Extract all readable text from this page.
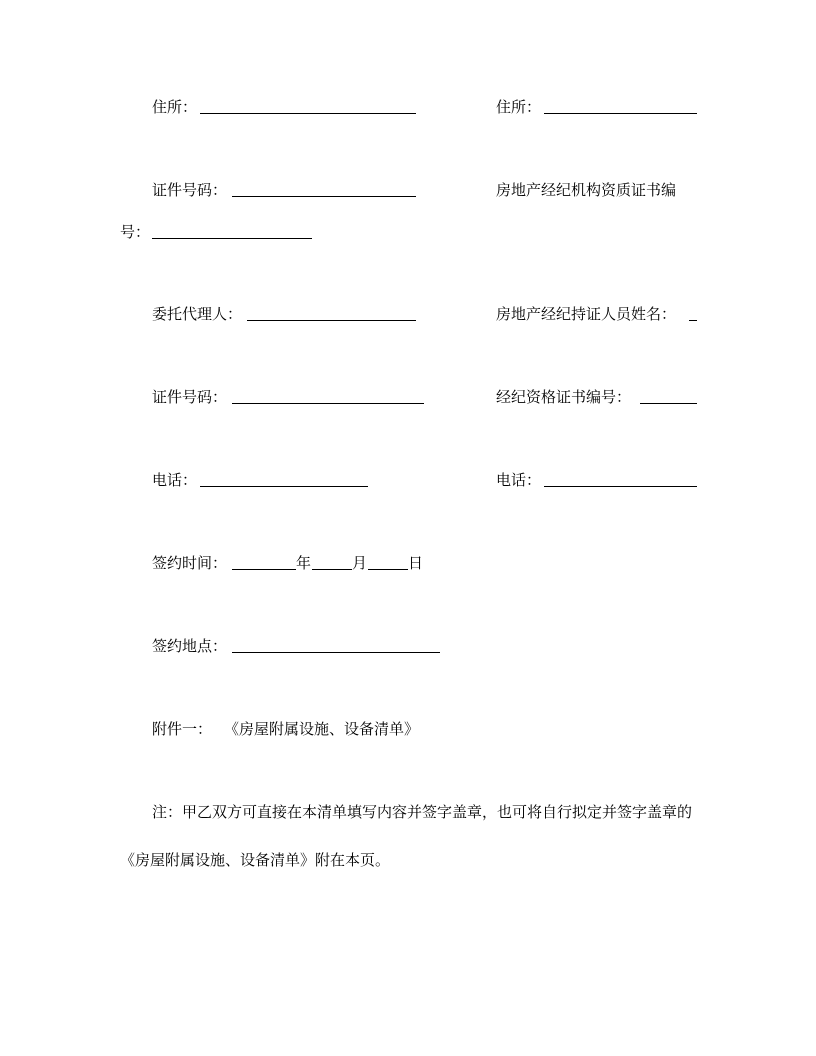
住所：	住所：
证件号码：	房地产经纪机构资质证书编
号：
委托代理人：	房地产经纪持证人员姓名：
证件号码：	经纪资格证书编号：
电话：	电话：
签约时间：	年	月	日
签约地点：
附件一： 《房屋附属设施、设备清单》
注：甲乙双方可直接在本清单填写内容并签字盖章，也可将自行拟定并签字盖章的《房屋附属设施、设备清单》附在本页。
